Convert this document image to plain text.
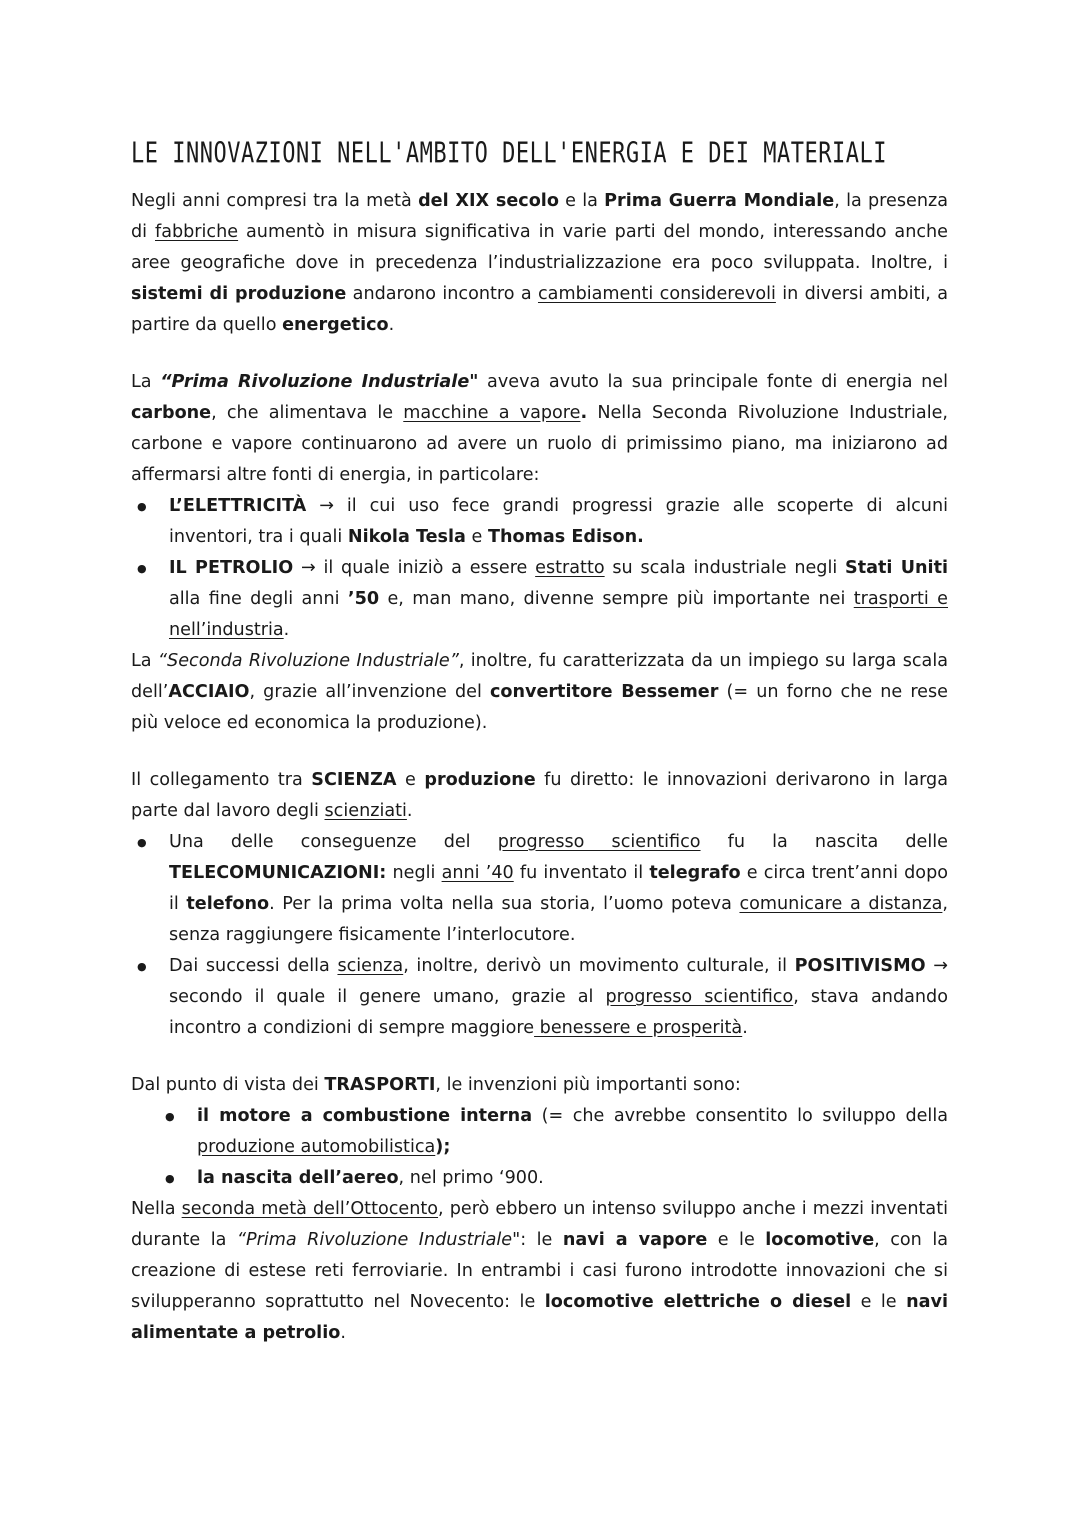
LE INNOVAZIONI NELL'AMBITO DELL'ENERGIA E DEI MATERIALI

Negli anni compresi tra la metà del XIX secolo e la Prima Guerra Mondiale, la presenza di fabbriche aumentò in misura significativa in varie parti del mondo, interessando anche aree geografiche dove in precedenza l’industrializzazione era poco sviluppata. Inoltre, i sistemi di produzione andarono incontro a cambiamenti considerevoli in diversi ambiti, a partire da quello energetico.

La “Prima Rivoluzione Industriale" aveva avuto la sua principale fonte di energia nel carbone, che alimentava le macchine a vapore. Nella Seconda Rivoluzione Industriale, carbone e vapore continuarono ad avere un ruolo di primissimo piano, ma iniziarono ad affermarsi altre fonti di energia, in particolare:

● L’ELETTRICITÀ → il cui uso fece grandi progressi grazie alle scoperte di alcuni inventori, tra i quali Nikola Tesla e Thomas Edison.
● IL PETROLIO → il quale iniziò a essere estratto su scala industriale negli Stati Uniti alla fine degli anni ’50 e, man mano, divenne sempre più importante nei trasporti e nell’industria.

La “Seconda Rivoluzione Industriale”, inoltre, fu caratterizzata da un impiego su larga scala dell’ACCIAIO, grazie all’invenzione del convertitore Bessemer (= un forno che ne rese più veloce ed economica la produzione).

Il collegamento tra SCIENZA e produzione fu diretto: le innovazioni derivarono in larga parte dal lavoro degli scienziati.

● Una delle conseguenze del progresso scientifico fu la nascita delle TELECOMUNICAZIONI: negli anni ’40 fu inventato il telegrafo e circa trent’anni dopo il telefono. Per la prima volta nella sua storia, l’uomo poteva comunicare a distanza, senza raggiungere fisicamente l’interlocutore.
● Dai successi della scienza, inoltre, derivò un movimento culturale, il POSITIVISMO → secondo il quale il genere umano, grazie al progresso scientifico, stava andando incontro a condizioni di sempre maggiore benessere e prosperità.

Dal punto di vista dei TRASPORTI, le invenzioni più importanti sono:

● il motore a combustione interna (= che avrebbe consentito lo sviluppo della produzione automobilistica);
● la nascita dell’aereo, nel primo ‘900.

Nella seconda metà dell’Ottocento, però ebbero un intenso sviluppo anche i mezzi inventati durante la “Prima Rivoluzione Industriale": le navi a vapore e le locomotive, con la creazione di estese reti ferroviarie. In entrambi i casi furono introdotte innovazioni che si svilupperanno soprattutto nel Novecento: le locomotive elettriche o diesel e le navi alimentate a petrolio.
